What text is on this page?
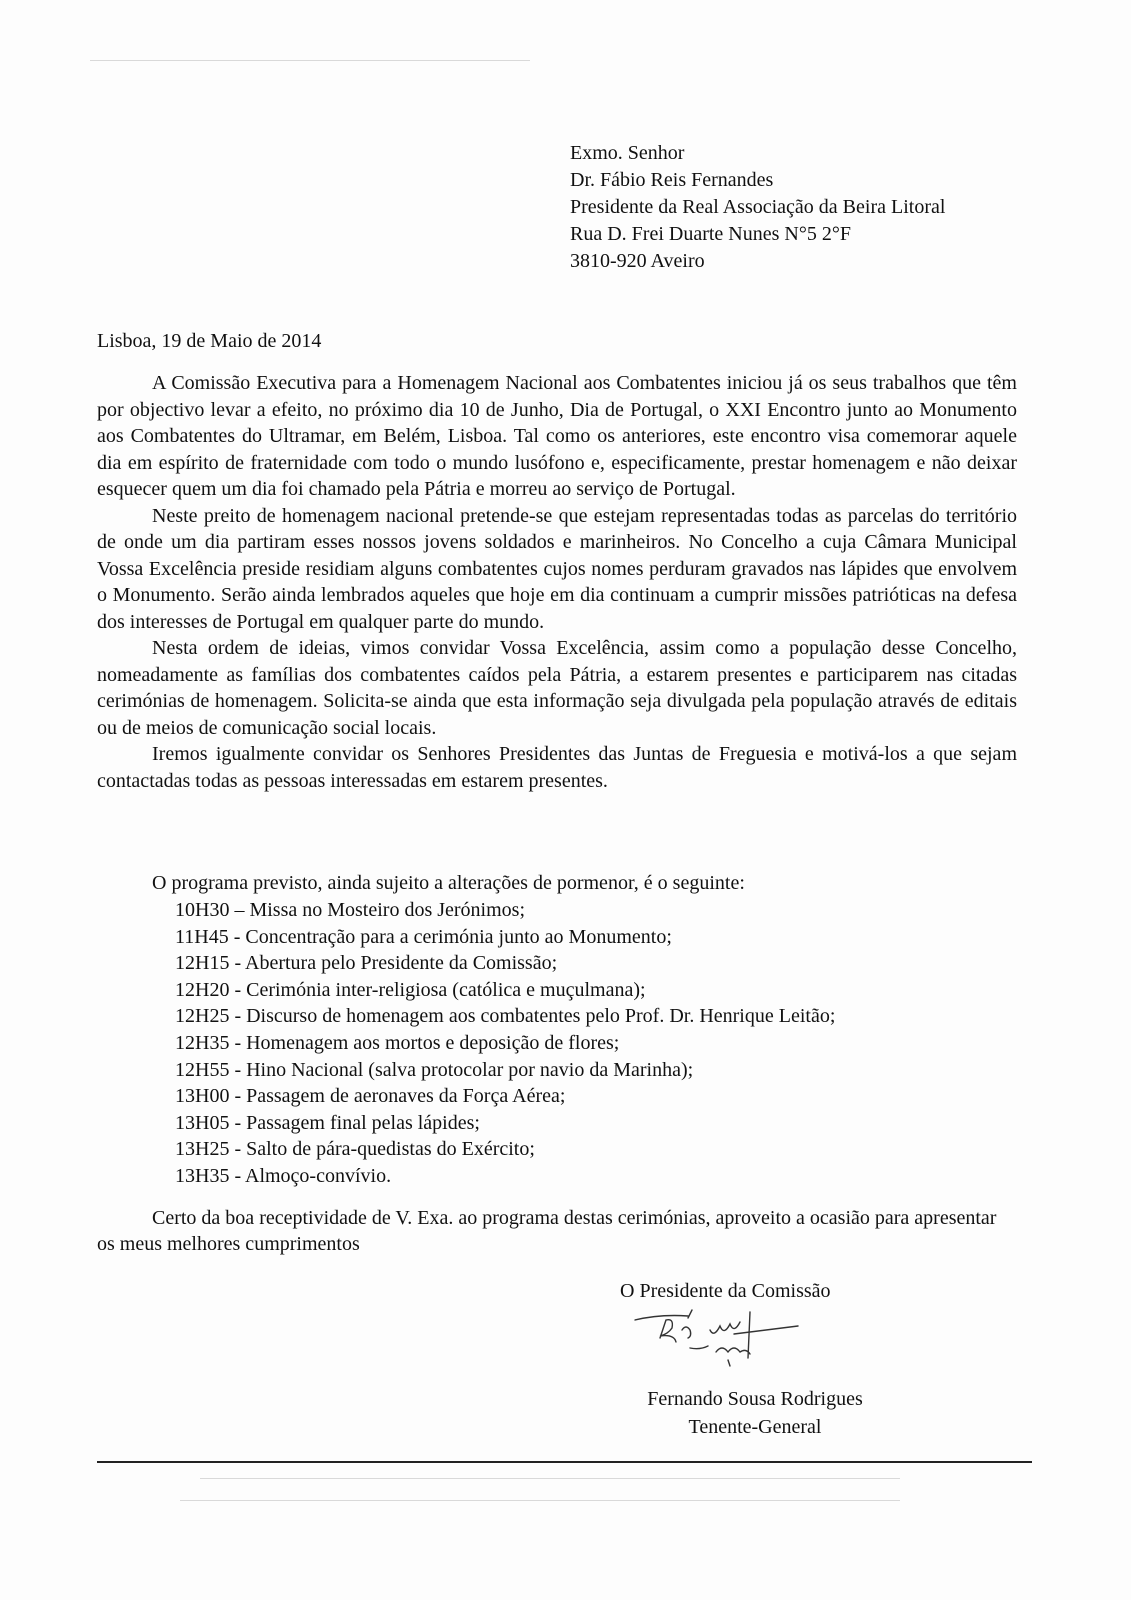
Exmo. Senhor
Dr. Fábio Reis Fernandes
Presidente da Real Associação da Beira Litoral
Rua D. Frei Duarte Nunes N°5 2°F
3810-920 Aveiro
Lisboa, 19 de Maio de 2014

A Comissão Executiva para a Homenagem Nacional aos Combatentes iniciou já os seus trabalhos que têm por objectivo levar a efeito, no próximo dia 10 de Junho, Dia de Portugal, o XXI Encontro junto ao Monumento aos Combatentes do Ultramar, em Belém, Lisboa. Tal como os anteriores, este encontro visa comemorar aquele dia em espírito de fraternidade com todo o mundo lusófono e, especificamente, prestar homenagem e não deixar esquecer quem um dia foi chamado pela Pátria e morreu ao serviço de Portugal.

Neste preito de homenagem nacional pretende-se que estejam representadas todas as parcelas do território de onde um dia partiram esses nossos jovens soldados e marinheiros. No Concelho a cuja Câmara Municipal Vossa Excelência preside residiam alguns combatentes cujos nomes perduram gravados nas lápides que envolvem o Monumento. Serão ainda lembrados aqueles que hoje em dia continuam a cumprir missões patrióticas na defesa dos interesses de Portugal em qualquer parte do mundo.

Nesta ordem de ideias, vimos convidar Vossa Excelência, assim como a população desse Concelho, nomeadamente as famílias dos combatentes caídos pela Pátria, a estarem presentes e participarem nas citadas cerimónias de homenagem. Solicita-se ainda que esta informação seja divulgada pela população através de editais ou de meios de comunicação social locais.

Iremos igualmente convidar os Senhores Presidentes das Juntas de Freguesia e motivá-los a que sejam contactadas todas as pessoas interessadas em estarem presentes.

O programa previsto, ainda sujeito a alterações de pormenor, é o seguinte:
10H30 – Missa no Mosteiro dos Jerónimos;
11H45 - Concentração para a cerimónia junto ao Monumento;
12H15 - Abertura pelo Presidente da Comissão;
12H20 - Cerimónia inter-religiosa (católica e muçulmana);
12H25 - Discurso de homenagem aos combatentes pelo Prof. Dr. Henrique Leitão;
12H35 - Homenagem aos mortos e deposição de flores;
12H55 - Hino Nacional (salva protocolar por navio da Marinha);
13H00 - Passagem de aeronaves da Força Aérea;
13H05 - Passagem final pelas lápides;
13H25 - Salto de pára-quedistas do Exército;
13H35 - Almoço-convívio.

Certo da boa receptividade de V. Exa. ao programa destas cerimónias, aproveito a ocasião para apresentar os meus melhores cumprimentos

O Presidente da Comissão
Fernando Sousa Rodrigues
Tenente-General
